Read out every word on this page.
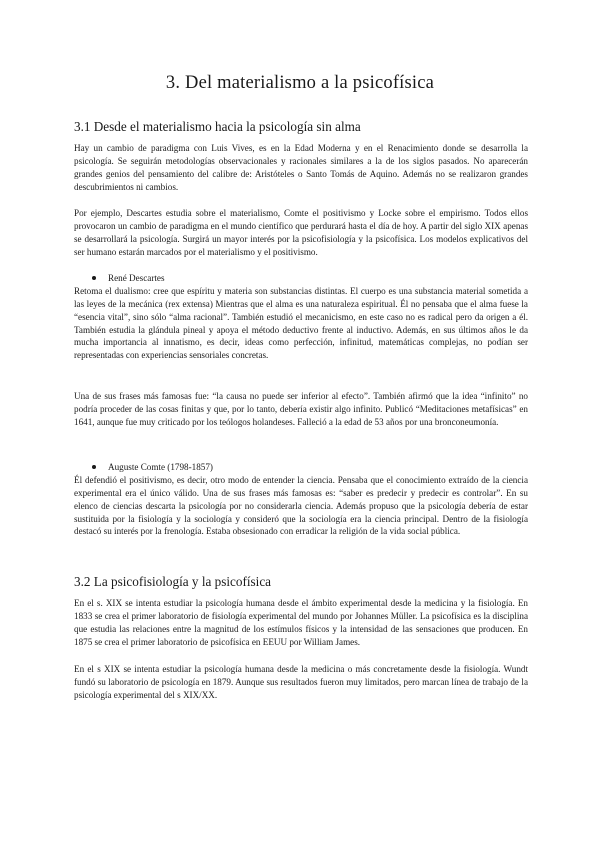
3. Del materialismo a la psicofísica
3.1 Desde el materialismo hacia la psicología sin alma

Hay un cambio de paradigma con Luis Vives, es en la Edad Moderna y en el Renacimiento donde se desarrolla la psicología. Se seguirán metodologías observacionales y racionales similares a la de los siglos pasados. No aparecerán grandes genios del pensamiento del calibre de: Aristóteles o Santo Tomás de Aquino. Además no se realizaron grandes descubrimientos ni cambios.

Por ejemplo, Descartes estudia sobre el materialismo, Comte el positivismo y Locke sobre el empirismo. Todos ellos provocaron un cambio de paradigma en el mundo científico que perdurará hasta el día de hoy. A partir del siglo XIX apenas se desarrollará la psicología. Surgirá un mayor interés por la psicofisiología y la psicofísica. Los modelos explicativos del ser humano estarán marcados por el materialismo y el positivismo.

René Descartes

Retoma el dualismo: cree que espíritu y materia son substancias distintas. El cuerpo es una substancia material sometida a las leyes de la mecánica (rex extensa) Mientras que el alma es una naturaleza espiritual. Él no pensaba que el alma fuese la “esencia vital”, sino sólo “alma racional”. También estudió el mecanicismo, en este caso no es radical pero da origen a él. También estudia la glándula pineal y apoya el método deductivo frente al inductivo. Además, en sus últimos años le da mucha importancia al innatismo, es decir, ideas como perfección, infinitud, matemáticas complejas, no podían ser representadas con experiencias sensoriales concretas.

Una de sus frases más famosas fue: “la causa no puede ser inferior al efecto”. También afirmó que la idea “infinito” no podría proceder de las cosas finitas y que, por lo tanto, debería existir algo infinito. Publicó “Meditaciones metafísicas” en 1641, aunque fue muy criticado por los teólogos holandeses. Falleció a la edad de 53 años por una bronconeumonía.

Auguste Comte (1798-1857)

Él defendió el positivismo, es decir, otro modo de entender la ciencia. Pensaba que el conocimiento extraído de la ciencia experimental era el único válido. Una de sus frases más famosas es: “saber es predecir y predecir es controlar”. En su elenco de ciencias descarta la psicología por no considerarla ciencia. Además propuso que la psicología debería de estar sustituida por la fisiología y la sociología y consideró que la sociología era la ciencia principal. Dentro de la fisiología destacó su interés por la frenología. Estaba obsesionado con erradicar la religión de la vida social pública.

3.2 La psicofisiología y la psicofísica

En el s. XIX se intenta estudiar la psicología humana desde el ámbito experimental desde la medicina y la fisiología. En 1833 se crea el primer laboratorio de fisiología experimental del mundo por Johannes Müller. La psicofísica es la disciplina que estudia las relaciones entre la magnitud de los estímulos físicos y la intensidad de las sensaciones que producen. En 1875 se crea el primer laboratorio de psicofísica en EEUU por William James.

En el s XIX se intenta estudiar la psicología humana desde la medicina o más concretamente desde la fisiología. Wundt fundó su laboratorio de psicología en 1879. Aunque sus resultados fueron muy limitados, pero marcan línea de trabajo de la psicología experimental del s XIX/XX.
